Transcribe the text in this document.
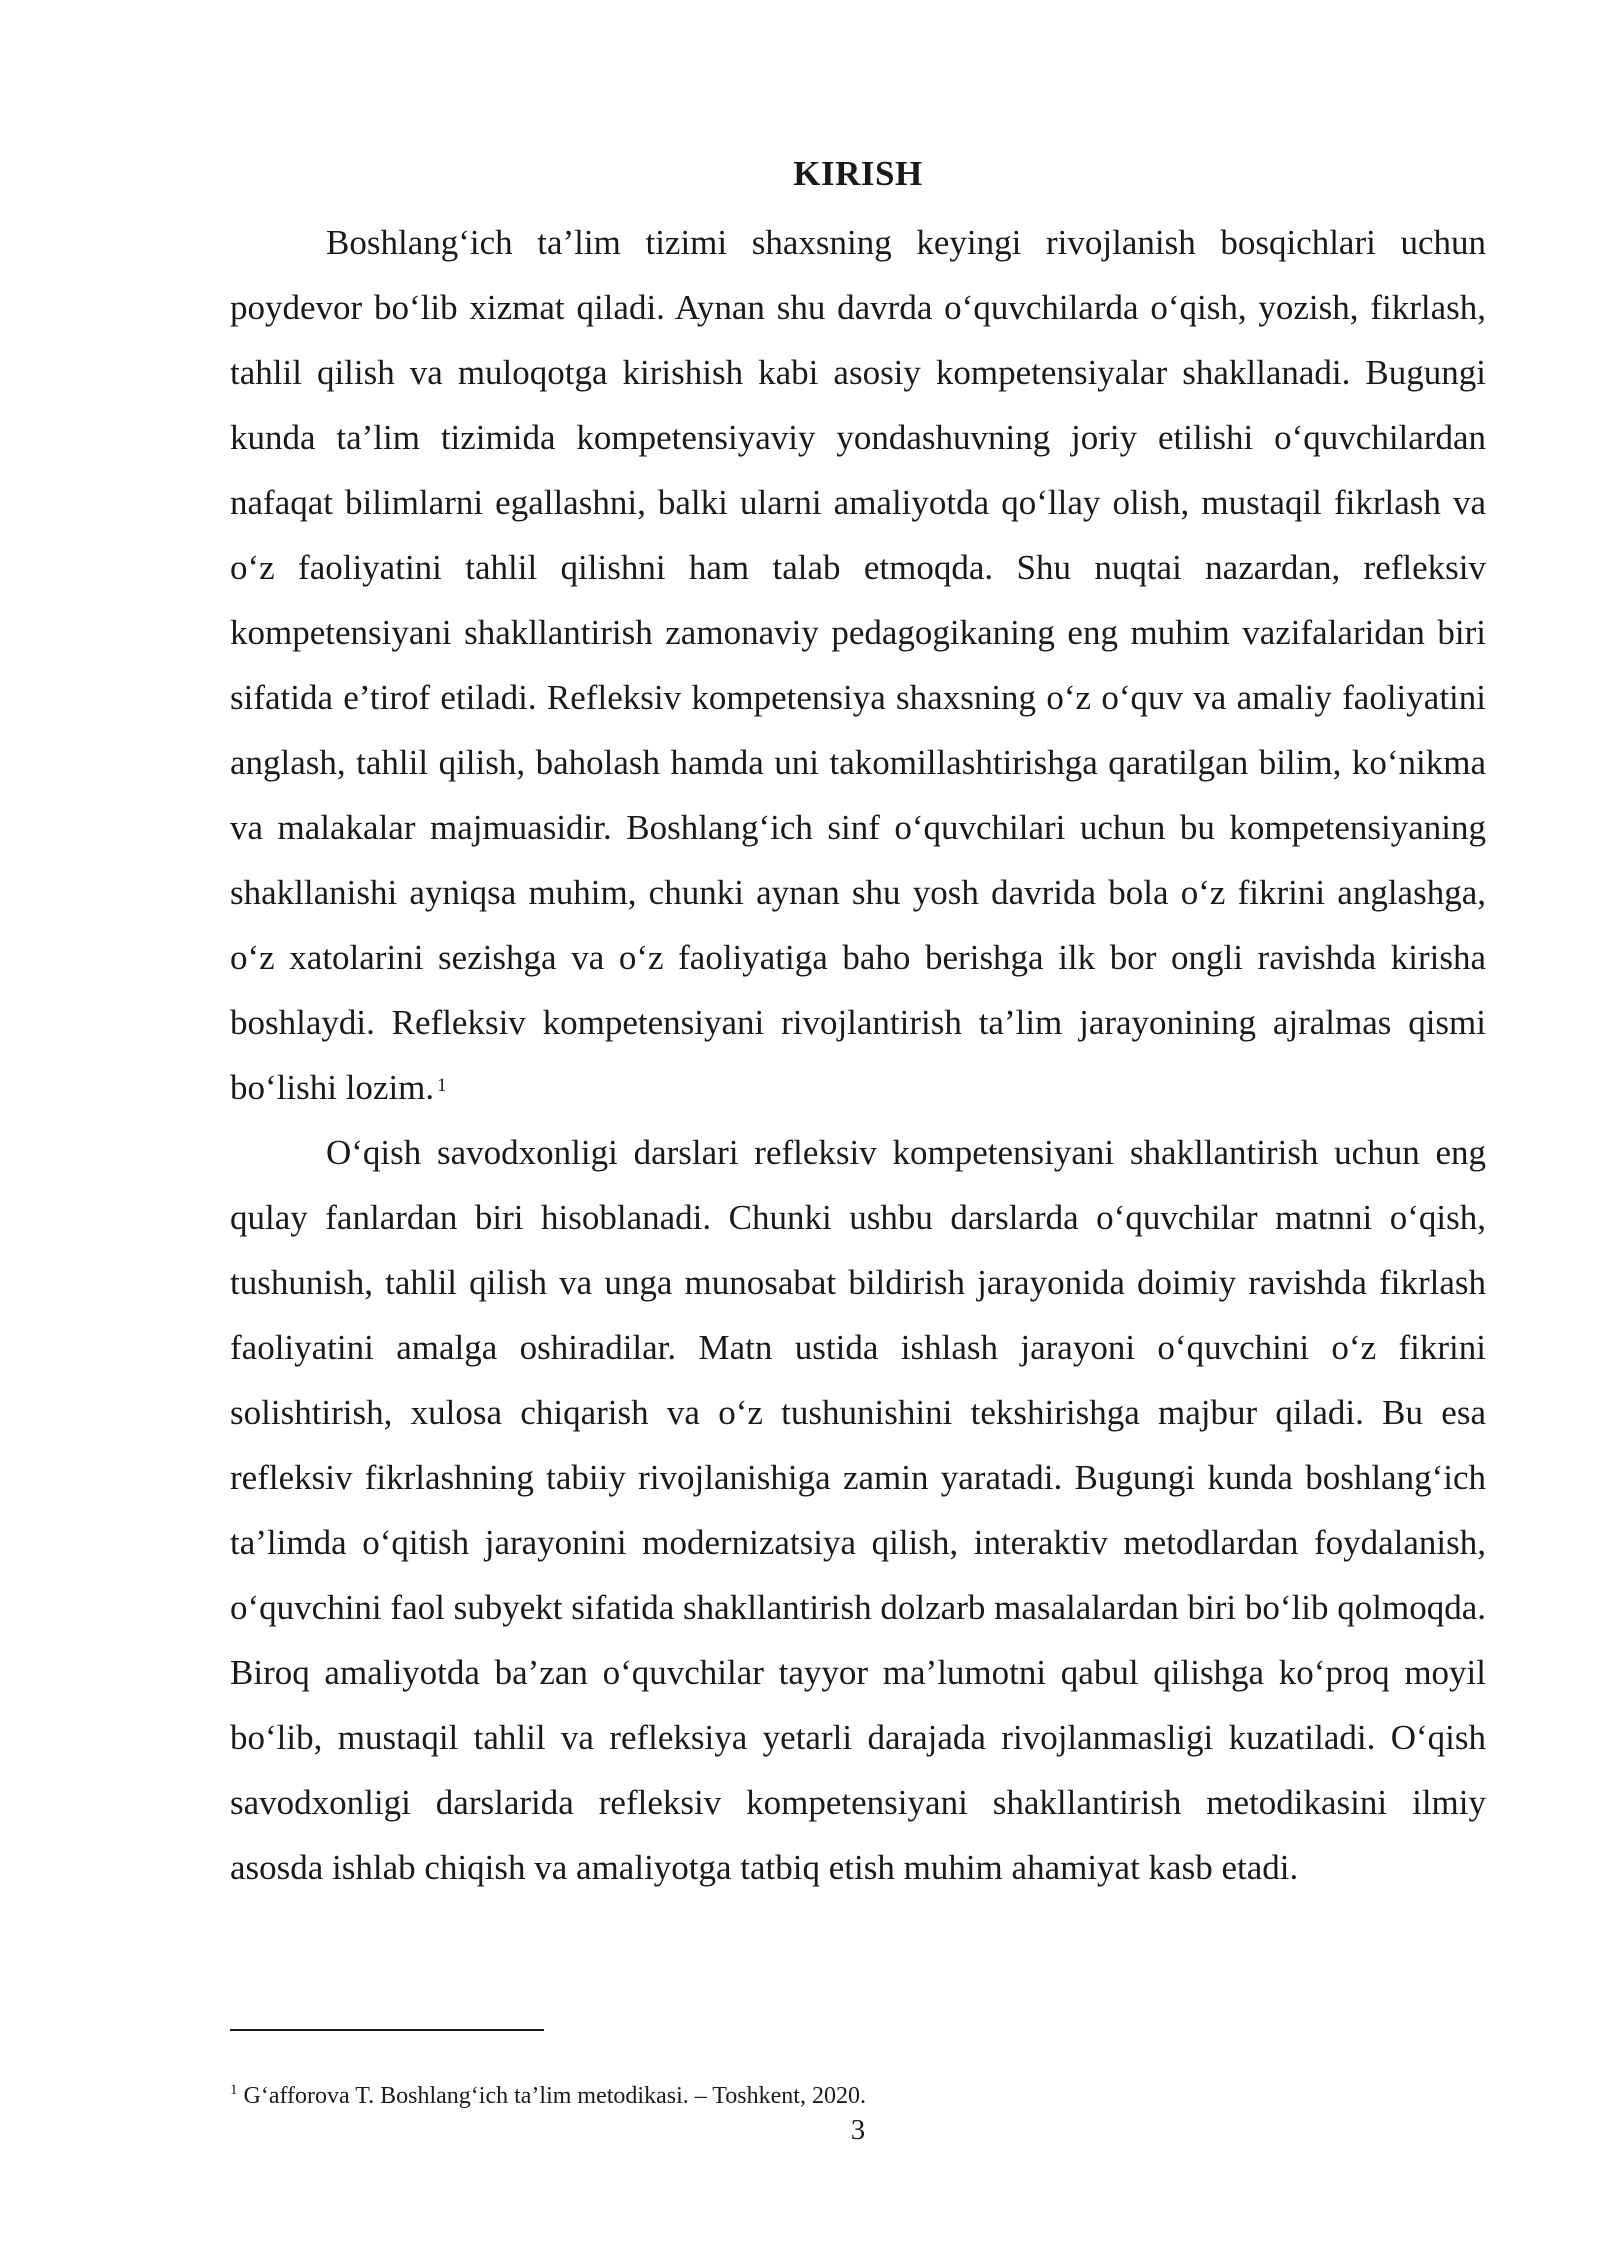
KIRISH

Boshlang‘ich ta’lim tizimi shaxsning keyingi rivojlanish bosqichlari uchun poydevor bo‘lib xizmat qiladi. Aynan shu davrda o‘quvchilarda o‘qish, yozish, fikrlash, tahlil qilish va muloqotga kirishish kabi asosiy kompetensiyalar shakllanadi. Bugungi kunda ta’lim tizimida kompetensiyaviy yondashuvning joriy etilishi o‘quvchilardan nafaqat bilimlarni egallashni, balki ularni amaliyotda qo‘llay olish, mustaqil fikrlash va o‘z faoliyatini tahlil qilishni ham talab etmoqda. Shu nuqtai nazardan, refleksiv kompetensiyani shakllantirish zamonaviy pedagogikaning eng muhim vazifalaridan biri sifatida e’tirof etiladi. Refleksiv kompetensiya shaxsning o‘z o‘quv va amaliy faoliyatini anglash, tahlil qilish, baholash hamda uni takomillashtirishga qaratilgan bilim, ko‘nikma va malakalar majmuasidir. Boshlang‘ich sinf o‘quvchilari uchun bu kompetensiyaning shakllanishi ayniqsa muhim, chunki aynan shu yosh davrida bola o‘z fikrini anglashga, o‘z xatolarini sezishga va o‘z faoliyatiga baho berishga ilk bor ongli ravishda kirisha boshlaydi. Refleksiv kompetensiyani rivojlantirish ta’lim jarayonining ajralmas qismi bo‘lishi lozim. $^1$

O‘qish savodxonligi darslari refleksiv kompetensiyani shakllantirish uchun eng qulay fanlardan biri hisoblanadi. Chunki ushbu darslarda o‘quvchilar matnni o‘qish, tushunish, tahlil qilish va unga munosabat bildirish jarayonida doimiy ravishda fikrlash faoliyatini amalga oshiradilar. Matn ustida ishlash jarayoni o‘quvchini o‘z fikrini solishtirish, xulosa chiqarish va o‘z tushunishini tekshirishga majbur qiladi. Bu esa refleksiv fikrlashning tabiiy rivojlanishiga zamin yaratadi. Bugungi kunda boshlang‘ich ta’limda o‘qitish jarayonini modernizatsiya qilish, interaktiv metodlardan foydalanish, o‘quvchini faol subyekt sifatida shakllantirish dolzarb masalalardan biri bo‘lib qolmoqda. Biroq amaliyotda ba’zan o‘quvchilar tayyor ma’lumotni qabul qilishga ko‘proq moyil bo‘lib, mustaqil tahlil va refleksiya yetarli darajada rivojlanmasligi kuzatiladi. O‘qish savodxonligi darslarida refleksiv kompetensiyani shakllantirish metodikasini ilmiy asosda ishlab chiqish va amaliyotga tatbiq etish muhim ahamiyat kasb etadi.

$^1$ G‘afforova T. Boshlang‘ich ta’lim metodikasi. – Toshkent, 2020.
3
